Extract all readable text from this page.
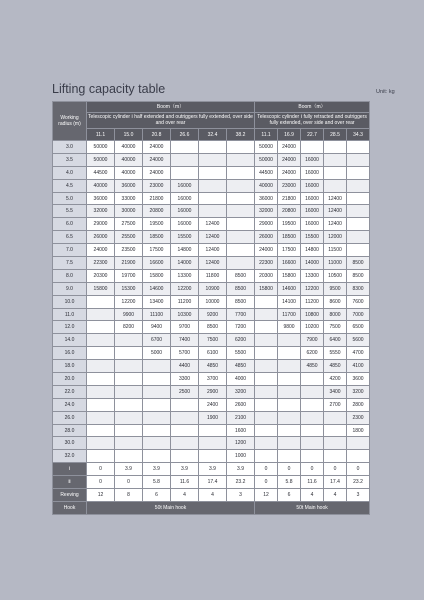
Lifting capacity table	Unit: kg
Working radius (m)	Boom（m）						Boom（m）				
	Telescopic cylinder Ⅰ half extended and outriggers fully extended, over side and over rear						Telescopic cylinder Ⅰ fully retracted and outriggers fully extended, over side and over rear				
	11.1	15.0	20.8	26.6	32.4	38.2	11.1	16.9	22.7	28.5	34.3
3.0	50000	40000	24000				50000	24000			
3.5	50000	40000	24000				50000	24000	16000		
4.0	44500	40000	24000				44500	24000	16000		
4.5	40000	36000	23000	16000			40000	23000	16000		
5.0	36000	33000	21800	16000			36000	21800	16000	12400	
5.5	32000	30000	20800	16000			32000	20800	16000	12400	
6.0	29000	27500	19500	16000	12400		29000	19500	16000	12400	
6.5	26000	25500	18500	15500	12400		26000	18500	15500	12000	
7.0	24000	23500	17500	14800	12400		24000	17500	14800	11500	
7.5	22300	21900	16600	14000	12400		22300	16600	14000	11000	8500
8.0	20300	19700	15800	13300	11800	8500	20300	15800	13300	10500	8500
9.0	15800	15300	14600	12200	10900	8500	15800	14600	12200	9500	8300
10.0		12200	13400	11200	10000	8500		14100	11200	8600	7600
11.0		9900	11100	10300	9200	7700		11700	10800	8000	7000
12.0		8200	9400	9700	8500	7200		9800	10200	7500	6500
14.0			6700	7400	7500	6200			7900	6400	5600
16.0			5000	5700	6100	5500			6200	5550	4700
18.0				4400	4850	4850			4850	4850	4100
20.0				3300	3700	4000				4200	3600
22.0				2500	2900	3200				3400	3200
24.0					2400	2600				2700	2800
26.0					1900	2100					2300
28.0						1600					1800
30.0						1200					
32.0						1000					
Ⅰ	0	3.9	3.9	3.9	3.9	3.9	0	0	0	0	0
Ⅱ	0	0	5.8	11.6	17.4	23.2	0	5.8	11.6	17.4	23.2
Reeving	12	8	6	4	4	3	12	6	4	4	3
Hook	50t Main hook						50t Main hook				
